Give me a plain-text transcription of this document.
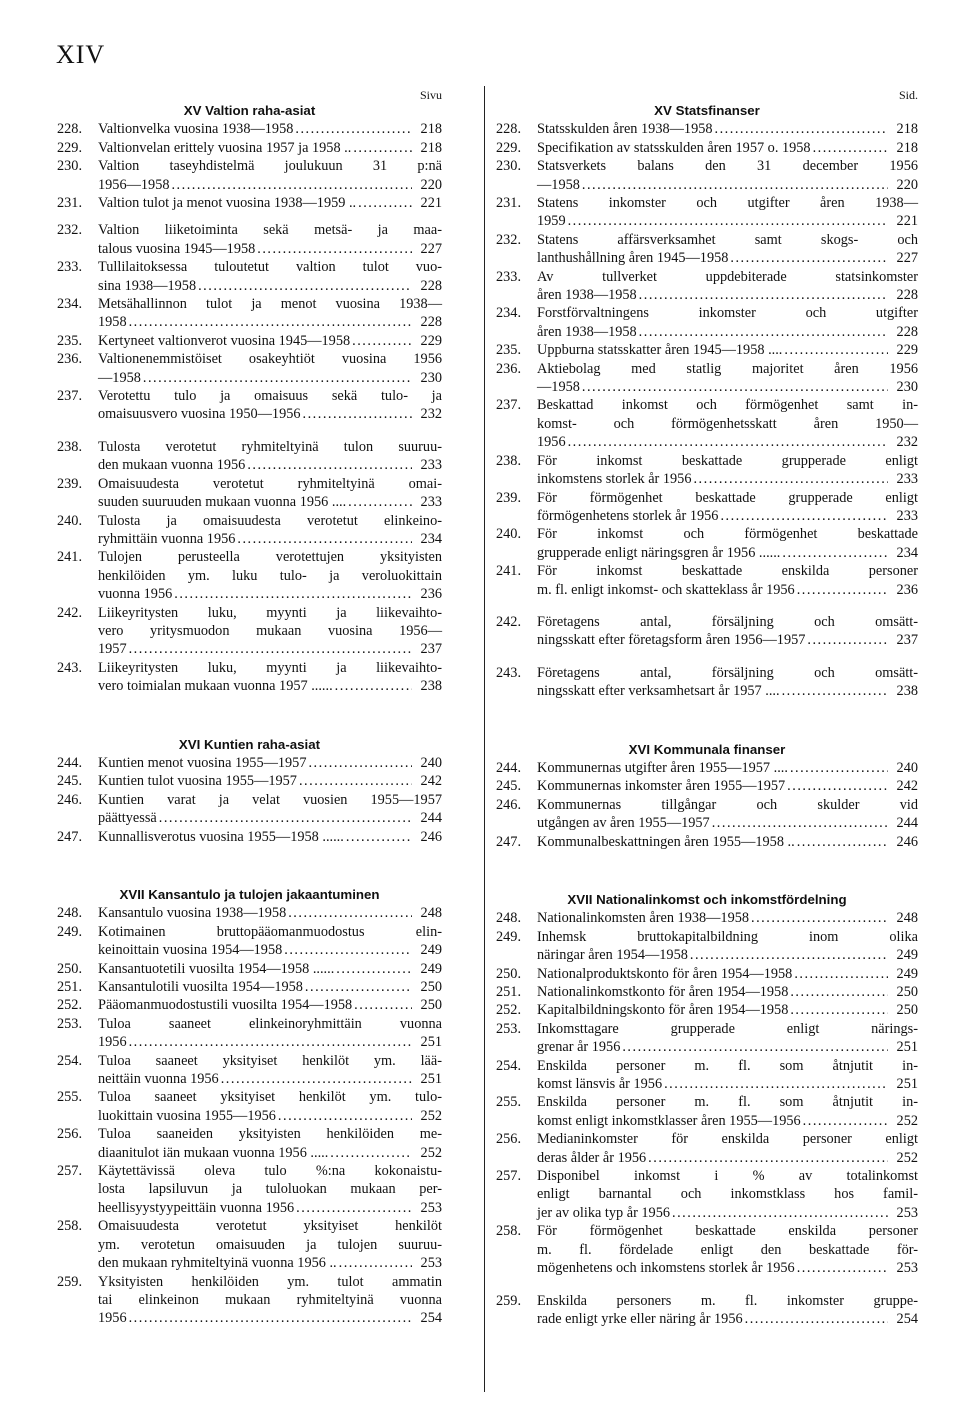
XIV
Sivu
XV Valtion raha-asiat
228. Valtionvelka vuosina 1938—1958 .....	218
229. Valtionvelan erittely vuosina 1957 ja 1958 .. .....	218
230. Valtion taseyhdistelmä joulukuun 31 p:nä
1956—1958 .....	220
231. Valtion tulot ja menot vuosina 1938—1959 .. .....	221
232. Valtion liiketoiminta sekä metsä- ja maa-
talous vuosina 1945—1958 .....	227
233. Tullilaitoksessa tuloutetut valtion tulot vuo-
sina 1938—1958 .....	228
234. Metsähallinnon tulot ja menot vuosina 1938—
1958 .....	228
235. Kertyneet valtionverot vuosina 1945—1958 .....	229
236. Valtionenemmistöiset osakeyhtiöt vuosina 1956
—1958 .....	230
237. Verotettu tulo ja omaisuus sekä tulo- ja
omaisuusvero vuosina 1950—1956 .....	232
238. Tulosta verotetut ryhmiteltyinä tulon suuruu-
den mukaan vuonna 1956 .....	233
239. Omaisuudesta verotetut ryhmiteltyinä omai-
suuden suuruuden mukaan vuonna 1956 .... .....	233
240. Tulosta ja omaisuudesta verotetut elinkeino-
ryhmittäin vuonna 1956 .....	234
241. Tulojen perusteella verotettujen yksityisten
henkilöiden ym. luku tulo- ja veroluokittain
vuonna 1956 .....	236
242. Liikeyritysten luku, myynti ja liikevaihto-
vero yritysmuodon mukaan vuosina 1956—
1957 .....	237
243. Liikeyritysten luku, myynti ja liikevaihto-
vero toimialan mukaan vuonna 1957 ...... .....	238
XVI Kuntien raha-asiat
244. Kuntien menot vuosina 1955—1957 .....	240
245. Kuntien tulot vuosina 1955—1957 .....	242
246. Kuntien varat ja velat vuosien 1955—1957
päättyessä .....	244
247. Kunnallisverotus vuosina 1955—1958 ...... .....	246
XVII Kansantulo ja tulojen jakaantuminen
248. Kansantulo vuosina 1938—1958 .....	248
249. Kotimainen bruttopääomanmuodostus elin-
keinoittain vuosina 1954—1958 .....	249
250. Kansantuotetili vuosilta 1954—1958 ...... .....	249
251. Kansantulotili vuosilta 1954—1958 .....	250
252. Pääomanmuodostustili vuosilta 1954—1958 .....	250
253. Tuloa saaneet elinkeinoryhmittäin vuonna
1956 .....	251
254. Tuloa saaneet yksityiset henkilöt ym. lää-
neittäin vuonna 1956 .....	251
255. Tuloa saaneet yksityiset henkilöt ym. tulo-
luokittain vuosina 1955—1956 .....	252
256. Tuloa saaneiden yksityisten henkilöiden me-
diaanitulot iän mukaan vuonna 1956 ..... .....	252
257. Käytettävissä oleva tulo %:na kokonaistu-
losta lapsiluvun ja tuloluokan mukaan per-
heellisyystyypeittäin vuonna 1956 .....	253
258. Omaisuudesta verotetut yksityiset henkilöt
ym. verotetun omaisuuden ja tulojen suuruu-
den mukaan ryhmiteltyinä vuonna 1956 .. .....	253
259. Yksityisten henkilöiden ym. tulot ammatin
tai elinkeinon mukaan ryhmiteltyinä vuonna
1956 .....	254
Sid.
XV Statsfinanser
228. Statsskulden åren 1938—1958 .....	218
229. Specifikation av statsskulden åren 1957 o. 1958 .....	218
230. Statsverkets balans den 31 december 1956
—1958 .....	220
231. Statens inkomster och utgifter åren 1938—
1959 .....	221
232. Statens affärsverksamhet samt skogs- och
lanthushållning åren 1945—1958 .....	227
233. Av tullverket uppdebiterade statsinkomster
åren 1938—1958 .....	228
234. Forstförvaltningens inkomster och utgifter
åren 1938—1958 .....	228
235. Uppburna statsskatter åren 1945—1958 .... .....	229
236. Aktiebolag med statlig majoritet åren 1956
—1958 .....	230
237. Beskattad inkomst och förmögenhet samt in-
komst- och förmögenhetsskatt åren 1950—
1956 .....	232
238. För inkomst beskattade grupperade enligt
inkomstens storlek år 1956 .....	233
239. För förmögenhet beskattade grupperade enligt
förmögenhetens storlek år 1956 .....	233
240. För inkomst och förmögenhet beskattade
grupperade enligt näringsgren år 1956 ...... .....	234
241. För inkomst beskattade enskilda personer
m. fl. enligt inkomst- och skatteklass år 1956 .....	236
242. Företagens antal, försäljning och omsätt-
ningsskatt efter företagsform åren 1956—1957 .....	237
243. Företagens antal, försäljning och omsätt-
ningsskatt efter verksamhetsart år 1957 .... .....	238
XVI Kommunala finanser
244. Kommunernas utgifter åren 1955—1957 .... .....	240
245. Kommunernas inkomster åren 1955—1957 .....	242
246. Kommunernas tillgångar och skulder vid
utgången av åren 1955—1957 .....	244
247. Kommunalbeskattningen åren 1955—1958 .. .....	246
XVII Nationalinkomst och inkomstfördelning
248. Nationalinkomsten åren 1938—1958 .....	248
249. Inhemsk bruttokapitalbildning inom olika
näringar åren 1954—1958 .....	249
250. Nationalproduktskonto för åren 1954—1958 .....	249
251. Nationalinkomstkonto för åren 1954—1958 .....	250
252. Kapitalbildningskonto för åren 1954—1958 .....	250
253. Inkomsttagare grupperade enligt närings-
grenar år 1956 .....	251
254. Enskilda personer m. fl. som åtnjutit in-
komst länsvis år 1956 .....	251
255. Enskilda personer m. fl. som åtnjutit in-
komst enligt inkomstklasser åren 1955—1956 .....	252
256. Medianinkomster för enskilda personer enligt
deras ålder år 1956 .....	252
257. Disponibel inkomst i % av totalinkomst
enligt barnantal och inkomstklass hos famil-
jer av olika typ år 1956 .....	253
258. För förmögenhet beskattade enskilda personer
m. fl. fördelade enligt den beskattade för-
mögenhetens och inkomstens storlek år 1956 .....	253
259. Enskilda personers m. fl. inkomster gruppe-
rade enligt yrke eller näring år 1956 .....	254
